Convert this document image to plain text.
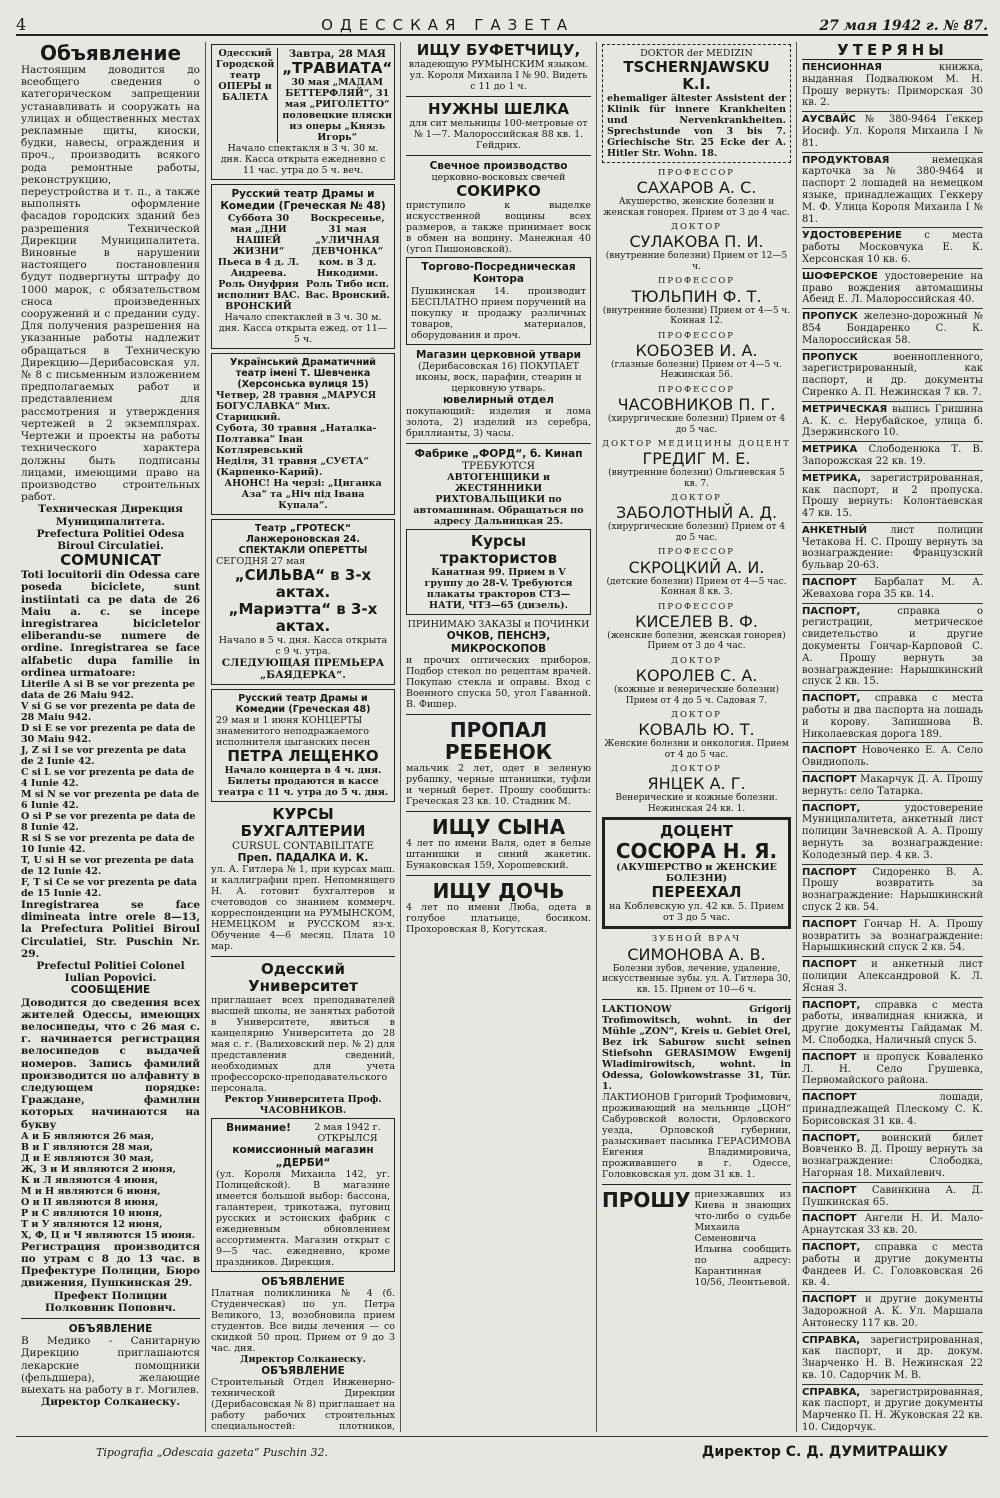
4	ОДЕССКАЯ ГАЗЕТА	27 мая 1942 г. № 87.
Объявление
Настоящим доводится до всеобщего сведения о категорическом запрещении устанавливать и сооружать на улицах и общественных местах рекламные щиты, киоски, будки, навесы, ограждения и проч., производить всякого рода ремонтные работы, реконструкцию, переустройства и т. п., а также выполнять оформление фасадов городских зданий без разрешения Технической Дирекции Муниципалитета. Виновные в нарушении настоящего постановления будут подвергнуты штрафу до 1000 марок, с обязательством сноса произведенных сооружений и с предании суду. Для получения разрешения на указанные работы надлежит обращаться в Техническую Дирекцию—Дерибасовская ул. № 8 с письменным изложением предполагаемых работ и представлением для рассмотрения и утверждения чертежей в 2 экземплярах. Чертежи и проекты на работы технического характера должны быть подписаны лицами, имеющими право на производство строительных работ.
Техническая Дирекция Муниципалитета.
Prefectura Politiei Odesa Biroul Circulatiei.
COMUNICAT
Toti locuitorii din Odessa care poseda biciclete, sunt instiintati ca pe data de 26 Maiu a. c. se incepe inregistrarea bicicletelor eliberandu-se numere de ordine. Inregistrarea se face alfabetic dupa familie in ordinea urmatoare:
Literile A si B se vor prezenta pe data de 26 Maiu 942.
V si G se vor prezenta pe data de 28 Maiu 942.
D si E se vor prezenta pe data de 30 Maiu 942.
J, Z si I se vor prezenta pe data de 2 Iunie 42.
C si L se vor prezenta pe data de 4 Iunie 42.
M si N se vor prezenta pe data de 6 Iunie 42.
O si P se vor prezenta pe data de 8 Iunie 42.
R si S se vor prezenta pe data de 10 Iunie 42.
T, U si H se vor prezenta pe data de 12 Iunie 42.
F, T si Ce se vor prezenta pe data de 15 Iunie 42.
Inregistrarea se face dimineata intre orele 8—13, la Prefectura Politiei Biroul Circulatiei, Str. Puschin Nr. 29.
Prefectul Politiei Colonel Iulian Popovici.
СООБЩЕНИЕ
Доводится до сведения всех жителей Одессы, имеющих велосипеды, что с 26 мая с. г. начинается регистрация велосипедов с выдачей номеров. Запись фамилий производится по алфавиту в следующем порядке: Граждане, фамилии которых начинаются на букву
А и Б являются 26 мая,
В и Г являются 28 мая,
Д и Е являются 30 мая,
Ж, З и И являются 2 июня,
К и Л являются 4 июня,
М и Н являются 6 июня,
О и П являются 8 июня,
Р и С являются 10 июня,
Т и У являются 12 июня,
Х, Ф, Ц и Ч являются 15 июня.
Регистрация производится по утрам с 8 до 13 час. в Префектуре Полиции, Бюро движения, Пушкинская 29.
Префект Полиции Полковник Попович.
ОБЪЯВЛЕНИЕ
В Медико - Санитарную Дирекцию приглашаются лекарские помощники (фельдшера), желающие выехать на работу в г. Могилев.
Директор Солканеску.
Одесский Городской театр ОПЕРЫ и БАЛЕТА
Завтра, 28 МАЯ
„ТРАВИАТА“
30 мая „МАДАМ БЕТТЕРФЛЯЙ“, 31 мая „РИГОЛЕТТО“ половецкие пляски из оперы „Князь Игорь“
Начало спектакля в 3 ч. 30 м. дня. Касса открыта ежедневно с 11 час. утра до 5 ч. веч.
Русский театр Драмы и Комедии (Греческая № 48)
Суббота 30 мая „ДНИ НАШЕЙ ЖИЗНИ“ Пьеса в 4 д. Л. Андреева. Роль Онуфрия исполнит ВАС. ВРОНСКИЙ
Воскресенье, 31 мая „УЛИЧНАЯ ДЕВЧОНКА“ ком. в 3 д. Никодими. Роль Тибо исп. Вас. Вронский.
Начало спектаклей в 3 ч. 30 м. дня. Касса открыта ежед. от 11—5 ч.
Український Драматичний театр імені Т. Шевченка (Херсонська вулиця 15)
Четвер, 28 травня „МАРУСЯ БОГУСЛАВКА“ Мих. Старицкий.
Субота, 30 травня „Наталка-Полтавка“ Іван Котляревський
Неділя, 31 травня „СУЄТА“ (Карпенко-Карий).
АНОНС! На черзі: „Циганка Аза“ та „Ніч під Івана Купала“.
Театр „ГРОТЕСК“ Ланжероновская 24. СПЕКТАКЛИ ОПЕРЕТТЫ
СЕГОДНЯ 27 мая
„СИЛЬВА“ в 3-х актах.
„Мариэтта“ в 3-х актах.
Начало в 5 ч. дня. Касса открыта с 9 ч. утра.
СЛЕДУЮЩАЯ ПРЕМЬЕРА „БАЯДЕРКА“.
Русский театр Драмы и Комедии (Греческая 48)
29 мая и 1 июня КОНЦЕРТЫ знаменитого неподражаемого исполнителя цыганских песен
ПЕТРА ЛЕЩЕНКО
Начало концерта в 4 ч. дня. Билеты продаются в кассе театра с 11 ч. утра до 5 ч. дня.
КУРСЫ БУХГАЛТЕРИИ
CURSUL CONTABILITATE
Преп. ПАДАЛКА И. К.
ул. А. Гитлера № 1, при курсах маш. и каллиграфии преп. Непомнящего Н. А. готовит бухгалтеров и счетоводов со знанием коммерч. корреспонденции на РУМЫНСКОМ, НЕМЕЦКОМ и РУССКОМ яз-х. Обучение 4—6 месяц. Плата 10 мар.
Одесский Университет
приглашает всех преподавателей высшей школы, не занятых работой в Университете, явиться в канцелярию Университета до 28 мая с. г. (Валиховский пер. № 2) для представления сведений, необходимых для учета профессорско-преподавательского персонала.
Ректор Университета Проф. ЧАСОВНИКОВ.
Внимание!	2 мая 1942 г. ОТКРЫЛСЯ
комиссионный магазин „ДЕРБИ“
(ул. Короля Михаила 142, уг. Полицейской). В магазине имеется большой выбор: бассона, галантереи, трикотажа, пуговиц русских и эстонских фабрик с ежедневным обновлением ассортимента. Магазин открыт с 9—5 час. ежедневно, кроме праздников. Дирекция.
ОБЪЯВЛЕНИЕ
Платная поликлиника № 4 (б. Студенческая) по ул. Петра Великого, 13, возобновила прием студентов. Все виды лечения — со скидкой 50 проц. Прием от 9 до 3 час. дня.
Директор Солканеску.
ОБЪЯВЛЕНИЕ
Строительный Отдел Инженерно-технической Дирекции (Дерибасовская № 8) приглашает на работу рабочих строительных специальностей: плотников,
ИЩУ БУФЕТЧИЦУ,
владеющую РУМЫНСКИМ языком. ул. Короля Михаила I № 90. Видеть с 11 до 1 ч.
НУЖНЫ ШЕЛКА
для сит мельницы 100-метровые от № 1—7. Малороссийская 88 кв. 1. Гейдрих.
Свечное производство
церковно-восковых свечей
СОКИРКО
приступило к выделке искусственной вощины всех размеров, а также принимает воск в обмен на вощину. Манежная 40 (угол Пишоновской).
Торгово-Посредническая Контора
Пушкинская 14. производит БЕСПЛАТНО прием поручений на покупку и продажу различных товаров, материалов, оборудования и проч.
Магазин церковной утвари
(Дерибасовская 16) ПОКУПАЕТ иконы, воск, парафин, стеарин и церковную утварь.
ювелирный отдел
покупающий: изделия и лома золота, 2) изделий из серебра, бриллианты, 3) часы.
Фабрике „ФОРД“, б. Кинап
ТРЕБУЮТСЯ
АВТОГЕНЩИКИ и ЖЕСТЯННИКИ РИХТОВАЛЬЩИКИ по автомашинам. Обращаться по адресу Дальницкая 25.
Курсы трактористов
Канатная 99. Прием в V группу до 28-V. Требуются плакаты тракторов СТЗ—НАТИ, ЧТЗ—65 (дизель).
ПРИНИМАЮ ЗАКАЗЫ и ПОЧИНКИ
ОЧКОВ, ПЕНСНЭ, МИКРОСКОПОВ
и прочих оптических приборов. Подбор стекол по рецептам врачей. Покупаю стекла и оправы. Вход с Военного спуска 50, угол Гаванной. В. Фишер.
ПРОПАЛ РЕБЕНОК
мальчик 2 лет, одет в зеленую рубашку, черные штанишки, туфли и черный берет. Прошу сообщить: Греческая 23 кв. 10. Стадник М.
ИЩУ СЫНА
4 лет по имени Валя, одет в белые штанишки и синий жакетик. Бунаковская 159, Хорошевский.
ИЩУ ДОЧЬ
4 лет по имени Люба, одета в голубое платьице, босиком. Прохоровская 8, Когутская.
DOKTOR der MEDIZIN
TSCHERNJAWSKU K.I.
ehemaliger ältester Assistent der Klinik für innere Krankheiten und Nervenkrankheiten. Sprechstunde von 3 bis 7. Griechische Str. 25 Ecke der A. Hitler Str. Wohn. 18.
ПРОФЕССОР
САХАРОВ А. С.
Акушерство, женские болезни и женская гонорея. Прием от 3 до 4 час.
ДОКТОР
СУЛАКОВА П. И.
(внутренние болезни) Прием от 12—5 ч.
ПРОФЕССОР
ТЮЛЬПИН Ф. Т.
(внутренние болезни) Прием от 4—5 ч. Конная 12.
ПРОФЕССОР
КОБОЗЕВ И. А.
(глазные болезни) Прием от 4—5 ч. Нежинская 56.
ПРОФЕССОР
ЧАСОВНИКОВ П. Г.
(хирургические болезни) Прием от 4 до 5 час.
ДОКТОР МЕДИЦИНЫ ДОЦЕНТ
ГРЕДИГ М. Е.
(внутренние болезни) Ольгиевская 5 кв. 7.
ДОКТОР
ЗАБОЛОТНЫЙ А. Д.
(хирургические болезни) Прием от 4 до 5 час.
ПРОФЕССОР
СКРОЦКИЙ А. И.
(детские болезни) Прием от 4—5 час. Конная 8 кв. 3.
ПРОФЕССОР
КИСЕЛЕВ В. Ф.
(женские болезни, женская гонорея) Прием от 3 до 4 час.
ДОКТОР
КОРОЛЕВ С. А.
(кожные и венерические болезни) Прием от 4 до 5 ч. Садовая 7.
ДОКТОР
КОВАЛЬ Ю. Т.
Женские болезни и онкология. Прием от 4 до 5 час.
ДОКТОР
ЯНЦЕК А. Г.
Венерические и кожные болезни. Нежинская 24 кв. 1.
ДОЦЕНТ
СОСЮРА Н. Я.
(АКУШЕРСТВО и ЖЕНСКИЕ БОЛЕЗНИ)
ПЕРЕЕХАЛ
на Коблевскую ул. 42 кв. 5. Прием от 3 до 5 час.
ЗУБНОЙ ВРАЧ
СИМОНОВА А. В.
Болезни зубов, лечение, удаление, искусственные зубы. ул. А. Гитлера 30, кв. 15. Прием от 10—6 ч.
LAKTIONOW Grigorij Trofimowitsch, wohnt. in der Mühle „ZON“, Kreis u. Gebiet Orel, Bez irk Saburow sucht seinen Stiefsohn GERASIMOW Ewgenij Wladimirowitsch, wohnt. in Odessa, Golowkowstrasse 31, Tür. 1.
ЛАКТИОНОВ Григорий Трофимович, проживающий на мельнице „ЦОН“ Сабуровской волости, Орловского уезда, Орловской губернии, разыскивает пасынка ГЕРАСИМОВА Евгения Владимировича, проживавшего в г. Одессе, Головковская ул. дом 31 кв. 1.
ПРОШУ приезжавших из Киева и знающих что-либо о судьбе Михаила Семеновича Ильина сообщить по адресу: Карантинная 10/56, Леонтьевой.
УТЕРЯНЫ
ПЕНСИОННАЯ	книжка, выданная Подвалюком М. Н. Прошу вернуть: Приморская 30 кв. 2.
АУСВАЙС № 380-9464 Геккер Иосиф. Ул. Короля Михаила I № 81.
ПРОДУКТОВАЯ	немецкая карточка за № 380-9464 и паспорт 2 лошадей на немецком языке, принадлежащих Геккеру М. Ф. Улица Короля Михаила I № 81.
УДОСТОВЕРЕНИЕ с места работы Московчука Е. К. Херсонская 10 кв. 6.
ШОФЕРСКОЕ удостоверение на право вождения автомашины Абеид Е. Л. Малороссийская 40.
ПРОПУСК железно-дорожный № 854 Бондаренко С. К. Малороссийская 58.
ПРОПУСК	военнопленного, зарегистрированный, как паспорт, и др. документы Сиренко А. П. Нежинская 7 кв. 7.
МЕТРИЧЕСКАЯ выпись Гришина А. К. с. Нерубайское, улица б. Дзержинского 10.
МЕТРИКА Слободенюка Т. В. Запорожская 22 кв. 19.
МЕТРИКА, зарегистрированная, как паспорт, и 2 пропуска. Прошу вернуть: Колонтаевская 47 кв. 15.
АНКЕТНЫЙ лист полиции Четакова Н. С. Прошу вернуть за вознаграждение: Французский бульвар 20-63.
ПАСПОРТ Барбалат М. А. Жевахова гора 35 кв. 14.
ПАСПОРТ,	справка о регистрации, метрическое свидетельство и другие документы Гончар-Карповой С. А. Прошу вернуть за вознаграждение: Нарышкинский спуск 2 кв. 15.
ПАСПОРТ, справка с места работы и два паспорта на лошадь и корову. Запишнова В. Николаевская дорога 189.
ПАСПОРТ Новоченко Е. А. Село Овидиополь.
ПАСПОРТ Макарчук Д. А. Прошу вернуть: село Татарка.
ПАСПОРТ,	удостоверение Муниципалитета, анкетный лист полиции Зачневской А. А. Прошу вернуть за вознаграждение: Колодезный пер. 4 кв. 3.
ПАСПОРТ Сидоренко В. А. Прошу возвратить за вознаграждение: Нарышкинский спуск 2 кв. 54.
ПАСПОРТ Гончар Н. А. Прошу возвратить за вознаграждение: Нарышкинский спуск 2 кв. 54.
ПАСПОРТ и анкетный лист полиции Александровой К. Л. Ясная 3.
ПАСПОРТ, справка с места работы, инвалидная книжка, и другие документы Гайдамак М. М. Слободка, Наличный спуск 5.
ПАСПОРТ и пропуск Коваленко Л. Н. Село Грушевка, Первомайского района.
ПАСПОРТ	лошади, принадлежащей Плескому С. К. Борисовская 31 кв. 4.
ПАСПОРТ, воинский билет Вовченко В. Д. Прошу вернуть за вознаграждение: Слободка, Нагорная 18. Михайлевич.
ПАСПОРТ Савинкина А. Д. Пушкинская 65.
ПАСПОРТ Ангели Н. И. Мало-Арнаутская 33 кв. 20.
ПАСПОРТ, справка с места работы и другие документы Фандеев И. С. Головковская 26 кв. 4.
ПАСПОРТ и другие документы Задорожной А. К. Ул. Маршала Антонеску 117 кв. 20.
СПРАВКА, зарегистрированная, как паспорт, и др. докум. Знарченко Н. В. Нежинская 22 кв. 10. Садорчик М. В.
СПРАВКА, зарегистрированная, как паспорт, и другие документы Марченко П. Н. Жуковская 22 кв. 10. Сидорчук.
Tipografia „Odescaia gazeta“ Puschin 32.	Директор С. Д. ДУМИТРАШКУ
